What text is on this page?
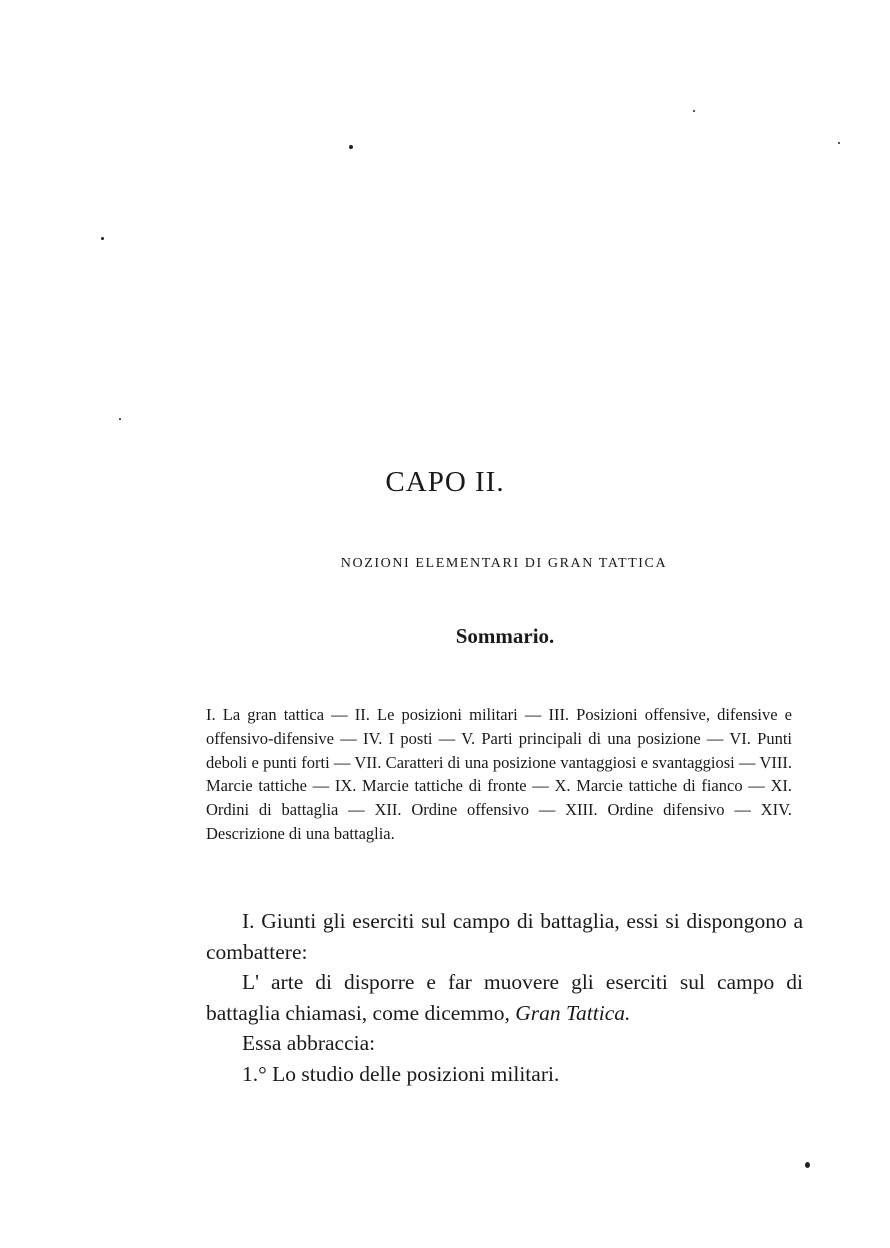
CAPO II.
NOZIONI ELEMENTARI DI GRAN TATTICA
Sommario.

I. La gran tattica — II. Le posizioni militari — III. Posizioni offensive, difensive e offensivo-difensive — IV. I posti — V. Parti principali di una posizione — VI. Punti deboli e punti forti — VII. Caratteri di una posizione vantaggiosi e svantaggiosi — VIII. Marcie tattiche — IX. Marcie tattiche di fronte — X. Marcie tattiche di fianco — XI. Ordini di battaglia — XII. Ordine offensivo — XIII. Ordine difensivo — XIV. Descrizione di una battaglia.

I. Giunti gli eserciti sul campo di battaglia, essi si dispongono a combattere:

L' arte di disporre e far muovere gli eserciti sul campo di battaglia chiamasi, come dicemmo, Gran Tattica.

Essa abbraccia:

1.° Lo studio delle posizioni militari.
